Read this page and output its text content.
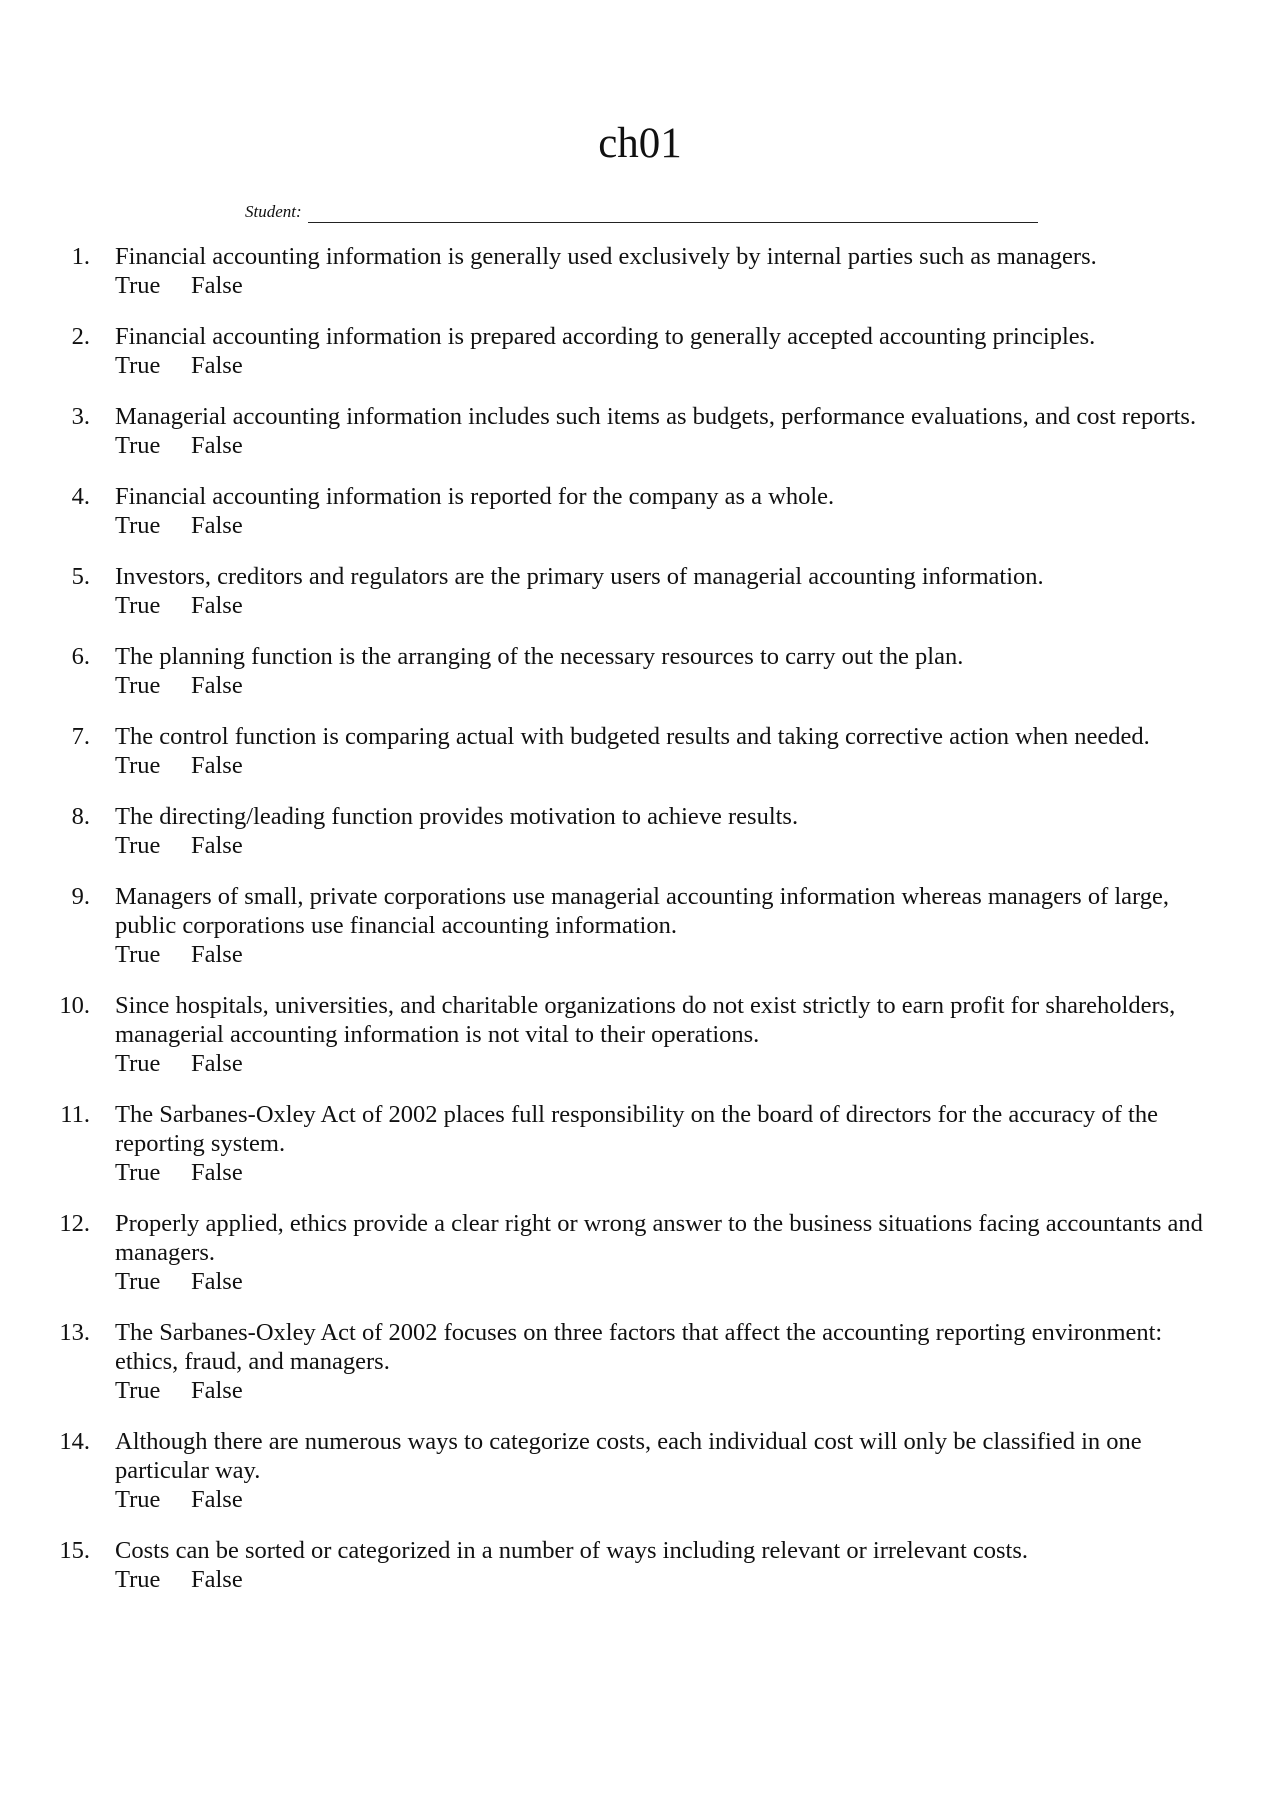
ch01
Student:
1. Financial accounting information is generally used exclusively by internal parties such as managers.
True False
2. Financial accounting information is prepared according to generally accepted accounting principles.
True False
3. Managerial accounting information includes such items as budgets, performance evaluations, and cost reports.
True False
4. Financial accounting information is reported for the company as a whole.
True False
5. Investors, creditors and regulators are the primary users of managerial accounting information.
True False
6. The planning function is the arranging of the necessary resources to carry out the plan.
True False
7. The control function is comparing actual with budgeted results and taking corrective action when needed.
True False
8. The directing/leading function provides motivation to achieve results.
True False
9. Managers of small, private corporations use managerial accounting information whereas managers of large, public corporations use financial accounting information.
True False
10. Since hospitals, universities, and charitable organizations do not exist strictly to earn profit for shareholders, managerial accounting information is not vital to their operations.
True False
11. The Sarbanes-Oxley Act of 2002 places full responsibility on the board of directors for the accuracy of the reporting system.
True False
12. Properly applied, ethics provide a clear right or wrong answer to the business situations facing accountants and managers.
True False
13. The Sarbanes-Oxley Act of 2002 focuses on three factors that affect the accounting reporting environment: ethics, fraud, and managers.
True False
14. Although there are numerous ways to categorize costs, each individual cost will only be classified in one particular way.
True False
15. Costs can be sorted or categorized in a number of ways including relevant or irrelevant costs.
True False
